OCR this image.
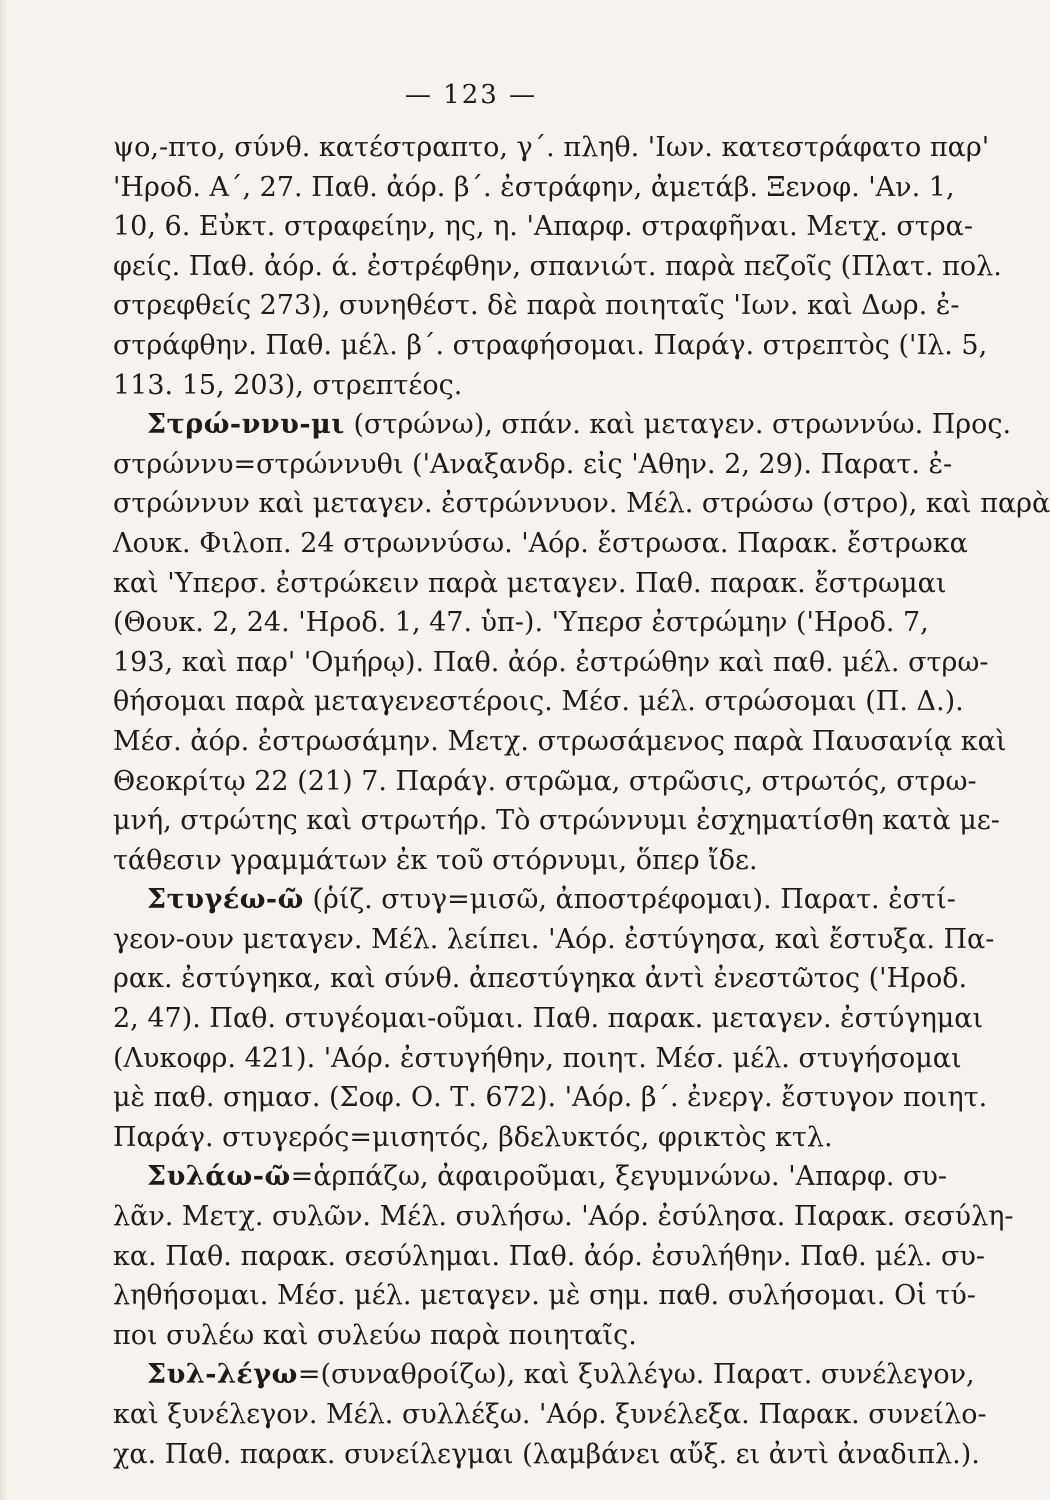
— 123 —
ψο,-πτο, σύνθ. κατέστραπτο, γ΄. πληθ. 'Ιων. κατεστράφατο παρ'
'Ηροδ. Α΄, 27. Παθ. ἀόρ. β΄. ἐστράφην, ἀμετάβ. Ξενοφ. 'Αν. 1,
10, 6. Εὐκτ. στραφείην, ης, η. 'Απαρφ. στραφῆναι. Μετχ. στρα-
φείς. Παθ. ἀόρ. ά. ἐστρέφθην, σπανιώτ. παρὰ πεζοῖς (Πλατ. πολ.
στρεφθείς 273), συνηθέστ. δὲ παρὰ ποιηταῖς 'Ιων. καὶ Δωρ. ἐ-
στράφθην. Παθ. μέλ. β΄. στραφήσομαι. Παράγ. στρεπτὸς ('Ιλ. 5,
113. 15, 203), στρεπτέος.
Στρώ-ννυ-μι (στρώνω), σπάν. καὶ μεταγεν. στρωννύω. Προς.
στρώννυ=στρώννυθι ('Αναξανδρ. εἰς 'Αθην. 2, 29). Παρατ. ἐ-
στρώννυν καὶ μεταγεν. ἐστρώννυον. Μέλ. στρώσω (στρο), καὶ παρὰ
Λουκ. Φιλοπ. 24 στρωννύσω. 'Αόρ. ἔστρωσα. Παρακ. ἔστρωκα
καὶ 'Υπερσ. ἐστρώκειν παρὰ μεταγεν. Παθ. παρακ. ἔστρωμαι
(Θουκ. 2, 24. 'Ηροδ. 1, 47. ὑπ-). 'Υπερσ ἐστρώμην ('Ηροδ. 7,
193, καὶ παρ' 'Ομήρῳ). Παθ. ἀόρ. ἐστρώθην καὶ παθ. μέλ. στρω-
θήσομαι παρὰ μεταγενεστέροις. Μέσ. μέλ. στρώσομαι (Π. Δ.).
Μέσ. ἀόρ. ἐστρωσάμην. Μετχ. στρωσάμενος παρὰ Παυσανίᾳ καὶ
Θεοκρίτῳ 22 (21) 7. Παράγ. στρῶμα, στρῶσις, στρωτός, στρω-
μνή, στρώτης καὶ στρωτήρ. Τὸ στρώννυμι ἐσχηματίσθη κατὰ με-
τάθεσιν γραμμάτων ἐκ τοῦ στόρνυμι, ὅπερ ἴδε.
Στυγέω-ῶ (ῥίζ. στυγ=μισῶ, ἀποστρέφομαι). Παρατ. ἐστί-
γεον-ουν μεταγεν. Μέλ. λείπει. 'Αόρ. ἐστύγησα, καὶ ἔστυξα. Πα-
ρακ. ἐστύγηκα, καὶ σύνθ. ἀπεστύγηκα ἀντὶ ἐνεστῶτος ('Ηροδ.
2, 47). Παθ. στυγέομαι-οῦμαι. Παθ. παρακ. μεταγεν. ἐστύγημαι
(Λυκοφρ. 421). 'Αόρ. ἐστυγήθην, ποιητ. Μέσ. μέλ. στυγήσομαι
μὲ παθ. σημασ. (Σοφ. Ο. Τ. 672). 'Αόρ. β΄. ἐνεργ. ἔστυγον ποιητ.
Παράγ. στυγερός=μισητός, βδελυκτός, φρικτὸς κτλ.
Συλάω-ῶ=ἁρπάζω, ἀφαιροῦμαι, ξεγυμνώνω. 'Απαρφ. συ-
λᾶν. Μετχ. συλῶν. Μέλ. συλήσω. 'Αόρ. ἐσύλησα. Παρακ. σεσύλη-
κα. Παθ. παρακ. σεσύλημαι. Παθ. ἀόρ. ἐσυλήθην. Παθ. μέλ. συ-
ληθήσομαι. Μέσ. μέλ. μεταγεν. μὲ σημ. παθ. συλήσομαι. Οἱ τύ-
ποι συλέω καὶ συλεύω παρὰ ποιηταῖς.
Συλ-λέγω=(συναθροίζω), καὶ ξυλλέγω. Παρατ. συνέλεγον,
καὶ ξυνέλεγον. Μέλ. συλλέξω. 'Αόρ. ξυνέλεξα. Παρακ. συνείλο-
χα. Παθ. παρακ. συνείλεγμαι (λαμβάνει αὔξ. ει ἀντὶ ἀναδιπλ.).
